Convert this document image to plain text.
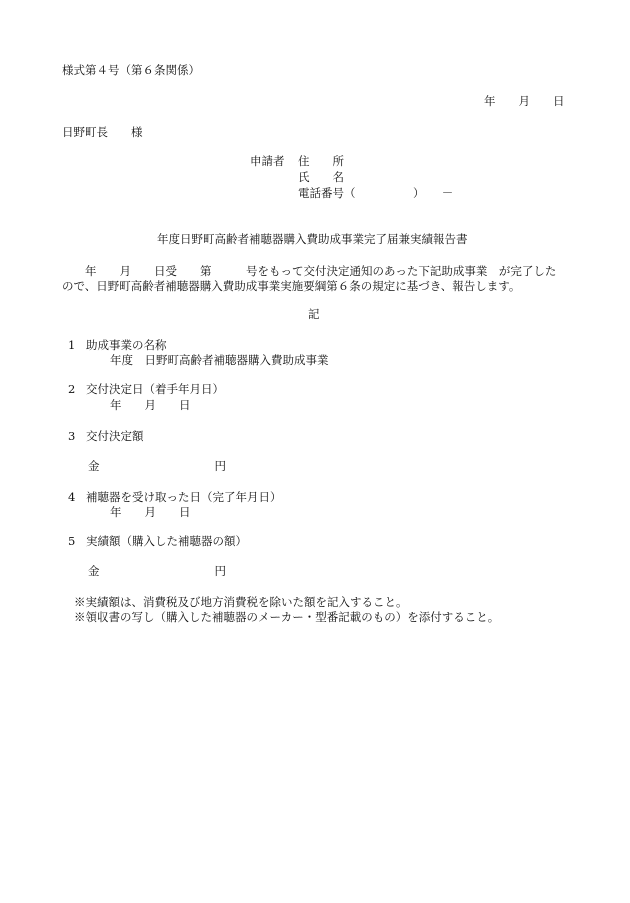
様式第４号（第６条関係）
年　　月　　日
日野町長　　様
申請者 住　　所
氏　　名
電話番号（　　　　　）　　－
年度日野町高齢者補聴器購入費助成事業完了届兼実績報告書
　　年　　月　　日受　　第　　　号をもって交付決定通知のあった下記助成事業　が完了した
ので、日野町高齢者補聴器購入費助成事業実施要綱第６条の規定に基づき、報告します。
記
1 助成事業の名称
年度　日野町高齢者補聴器購入費助成事業
2 交付決定日（着手年月日）
年　　月　　日
3 交付決定額
金　　　　　　　　　　円
4 補聴器を受け取った日（完了年月日）
年　　月　　日
5 実績額（購入した補聴器の額）
金　　　　　　　　　　円
※実績額は、消費税及び地方消費税を除いた額を記入すること。
※領収書の写し（購入した補聴器のメーカー・型番記載のもの）を添付すること。
